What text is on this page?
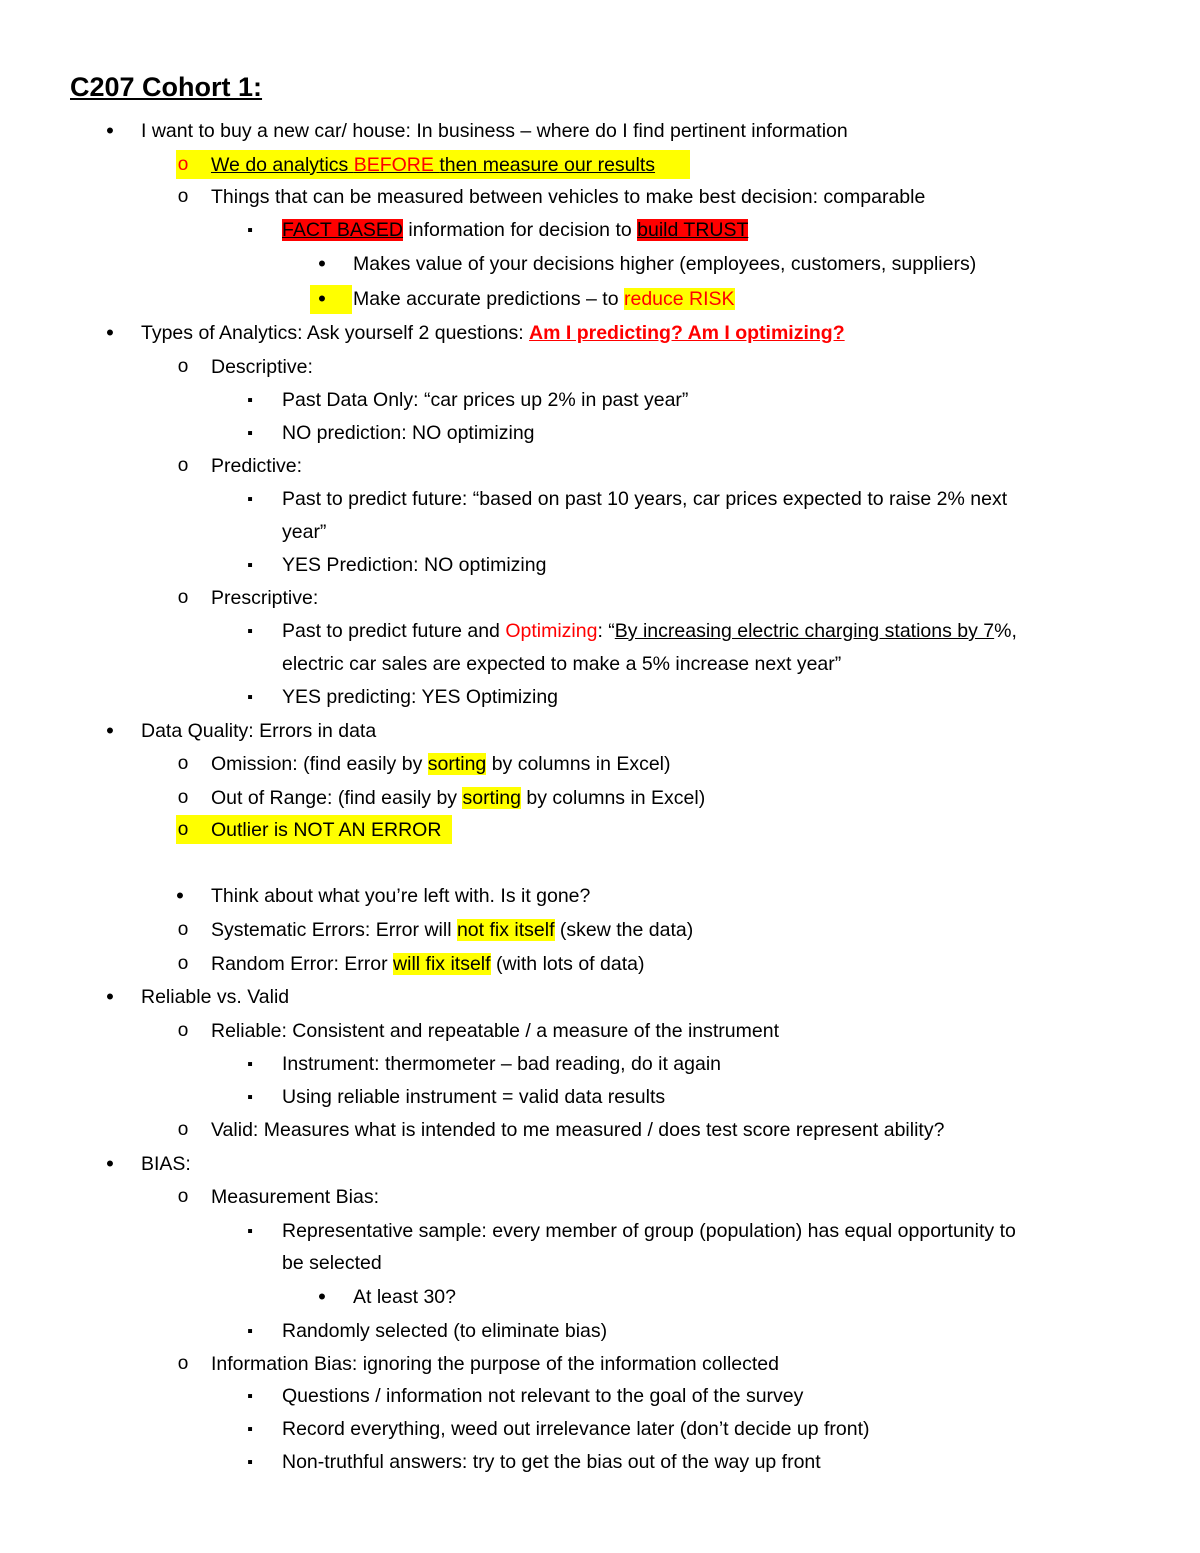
C207 Cohort 1:
•
I want to buy a new car/ house: In business – where do I find pertinent information
o
We do analytics BEFORE then measure our results
o
Things that can be measured between vehicles to make best decision: comparable
▪
FACT BASED information for decision to build TRUST
•
Makes value of your decisions higher (employees, customers, suppliers)
•
Make accurate predictions – to reduce RISK
•
Types of Analytics: Ask yourself 2 questions: Am I predicting? Am I optimizing?
o
Descriptive:
▪
Past Data Only: “car prices up 2% in past year”
▪
NO prediction: NO optimizing
o
Predictive:
▪
Past to predict future: “based on past 10 years, car prices expected to raise 2% next
year”
▪
YES Prediction: NO optimizing
o
Prescriptive:
▪
Past to predict future and Optimizing: “By increasing electric charging stations by 7%,
electric car sales are expected to make a 5% increase next year”
▪
YES predicting: YES Optimizing
•
Data Quality: Errors in data
o
Omission: (find easily by sorting by columns in Excel)
o
Out of Range: (find easily by sorting by columns in Excel)
o
Outlier is NOT AN ERROR
•
Think about what you’re left with. Is it gone?
o
Systematic Errors: Error will not fix itself (skew the data)
o
Random Error: Error will fix itself (with lots of data)
•
Reliable vs. Valid
o
Reliable: Consistent and repeatable / a measure of the instrument
▪
Instrument: thermometer – bad reading, do it again
▪
Using reliable instrument = valid data results
o
Valid: Measures what is intended to me measured / does test score represent ability?
•
BIAS:
o
Measurement Bias:
▪
Representative sample: every member of group (population) has equal opportunity to
be selected
•
At least 30?
▪
Randomly selected (to eliminate bias)
o
Information Bias: ignoring the purpose of the information collected
▪
Questions / information not relevant to the goal of the survey
▪
Record everything, weed out irrelevance later (don’t decide up front)
▪
Non-truthful answers: try to get the bias out of the way up front
